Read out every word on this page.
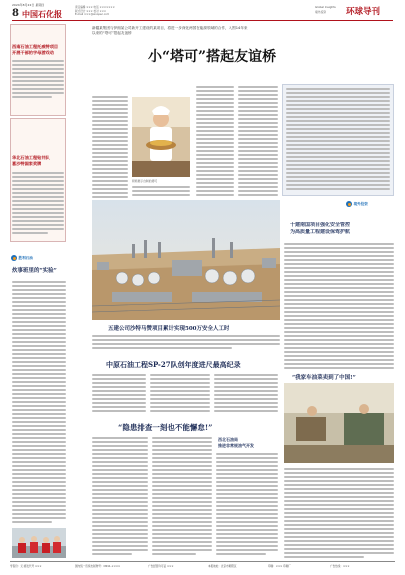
2024年8月22日 星期四
8 中国石化报
责任编辑 ××× 电话 ×××××××
版式设计 ××× 校对 ×××
E-mail ×××@sinopec.com
Global Insights
境外投资 环球导刊
西南石油工程托威特项目
开展干部的字母游戏动
华北石油工程钻井队
喜沙特国家奖牌
胜利石油
炊事班里的“实验”
新疆某集团与伊朗某公司新开工建设的某项目，将进一步深化两国在能源领域的合作，入围14年来
以来的“塔可”搭起友谊桥
小“塔可”搭起友谊桥
厨师展示自制的塔可
境外投资
十建南国项目强化安全管控
为高质量工程建设保驾护航
五建公司沙特马赞项目累计实现500万安全人工时
“我家车油菜卖到了中国!”
中原石油工程SP-27队创年度进尺最高纪录
“隐患排查一刻也不能懈怠!”
西北石油局
推进非常规油气开发
零售价：元 邮发代号 ×××	国内统一连续出版物号：CN11-××××	广告经营许可证 ×××	本报地址：北京市朝阳区	印刷：××× 印刷厂	广告热线：×××
